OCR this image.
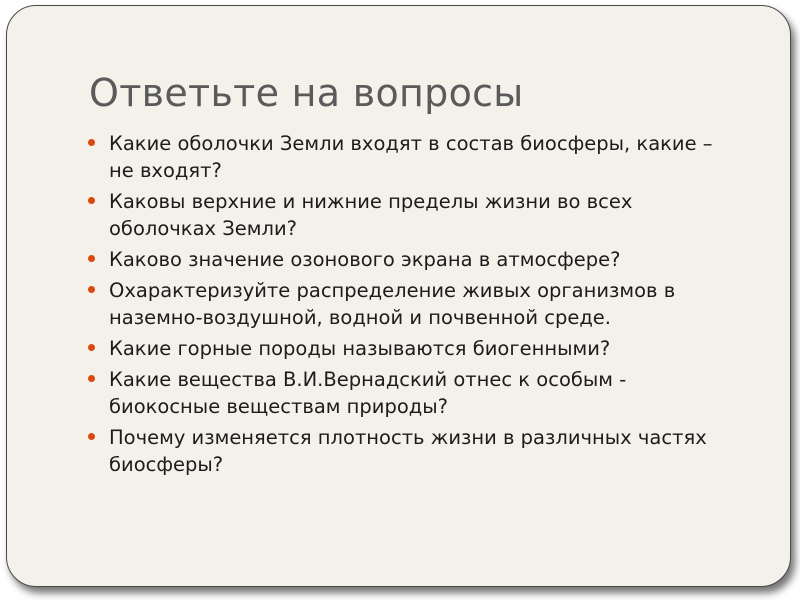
Ответьте на вопросы
Какие оболочки Земли входят в состав биосферы, какие – не входят?
Каковы верхние и нижние пределы жизни во всех оболочках Земли?
Каково значение озонового экрана в атмосфере?
Охарактеризуйте распределение живых организмов в наземно-воздушной, водной и почвенной среде.
Какие горные породы называются биогенными?
Какие вещества В.И.Вернадский отнес к особым - биокосные веществам природы?
Почему изменяется плотность жизни в различных частях биосферы?
